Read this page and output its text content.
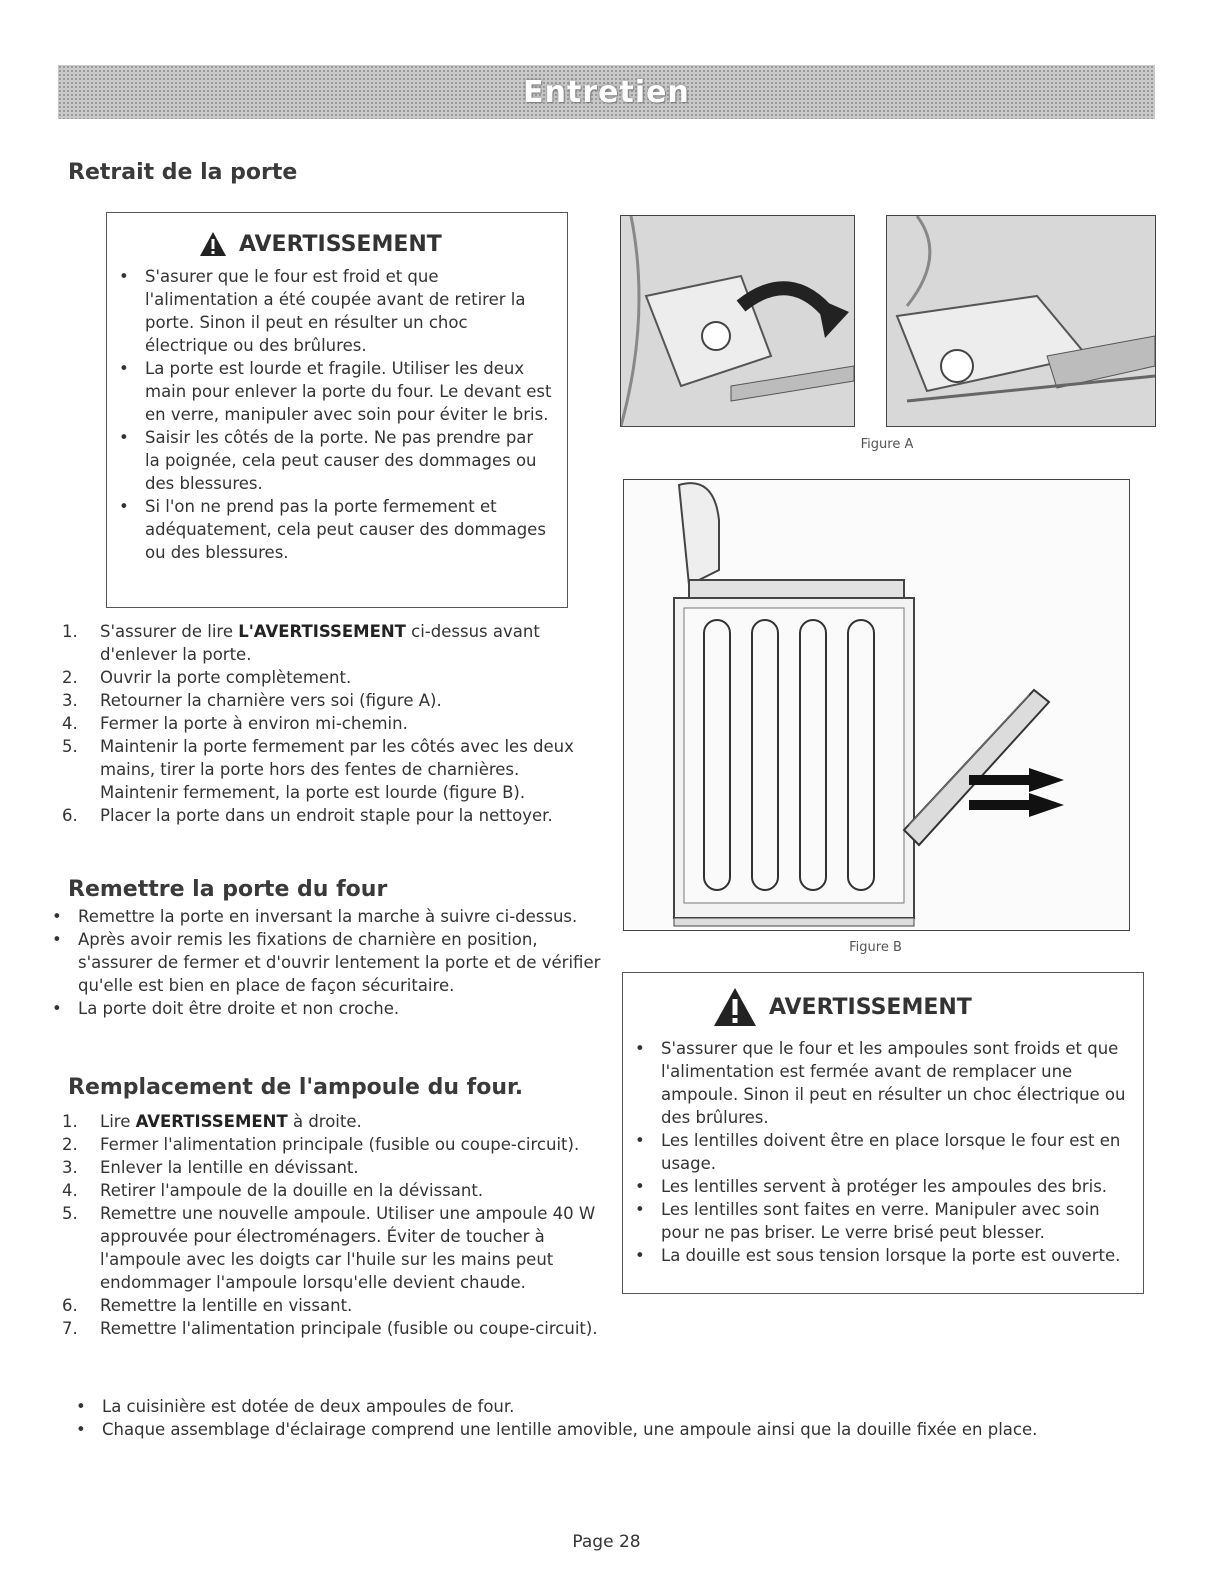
Entretien
Retrait de la porte
AVERTISSEMENT
• S'asurer que le four est froid et que l'alimentation a été coupée avant de retirer la porte. Sinon il peut en résulter un choc électrique ou des brûlures.
• La porte est lourde et fragile. Utiliser les deux main pour enlever la porte du four. Le devant est en verre, manipuler avec soin pour éviter le bris.
• Saisir les côtés de la porte. Ne pas prendre par la poignée, cela peut causer des dommages ou des blessures.
• Si l'on ne prend pas la porte fermement et adéquatement, cela peut causer des dommages ou des blessures.
1. S'assurer de lire L'AVERTISSEMENT ci-dessus avant d'enlever la porte.
2. Ouvrir la porte complètement.
3. Retourner la charnière vers soi (figure A).
4. Fermer la porte à environ mi-chemin.
5. Maintenir la porte fermement par les côtés avec les deux mains, tirer la porte hors des fentes de charnières. Maintenir fermement, la porte est lourde (figure B).
6. Placer la porte dans un endroit staple pour la nettoyer.
Remettre la porte du four
• Remettre la porte en inversant la marche à suivre ci-dessus.
• Après avoir remis les fixations de charnière en position, s'assurer de fermer et d'ouvrir lentement la porte et de vérifier qu'elle est bien en place de façon sécuritaire.
• La porte doit être droite et non croche.
Remplacement de l'ampoule du four.
1. Lire AVERTISSEMENT à droite.
2. Fermer l'alimentation principale (fusible ou coupe-circuit).
3. Enlever la lentille en dévissant.
4. Retirer l'ampoule de la douille en la dévissant.
5. Remettre une nouvelle ampoule. Utiliser une ampoule 40 W approuvée pour électroménagers. Éviter de toucher à l'ampoule avec les doigts car l'huile sur les mains peut endommager l'ampoule lorsqu'elle devient chaude.
6. Remettre la lentille en vissant.
7. Remettre l'alimentation principale (fusible ou coupe-circuit).
Figure A
Figure B
AVERTISSEMENT
• S'assurer que le four et les ampoules sont froids et que l'alimentation est fermée avant de remplacer une ampoule. Sinon il peut en résulter un choc électrique ou des brûlures.
• Les lentilles doivent être en place lorsque le four est en usage.
• Les lentilles servent à protéger les ampoules des bris.
• Les lentilles sont faites en verre. Manipuler avec soin pour ne pas briser. Le verre brisé peut blesser.
• La douille est sous tension lorsque la porte est ouverte.
• La cuisinière est dotée de deux ampoules de four.
• Chaque assemblage d'éclairage comprend une lentille amovible, une ampoule ainsi que la douille fixée en place.
Page 28
